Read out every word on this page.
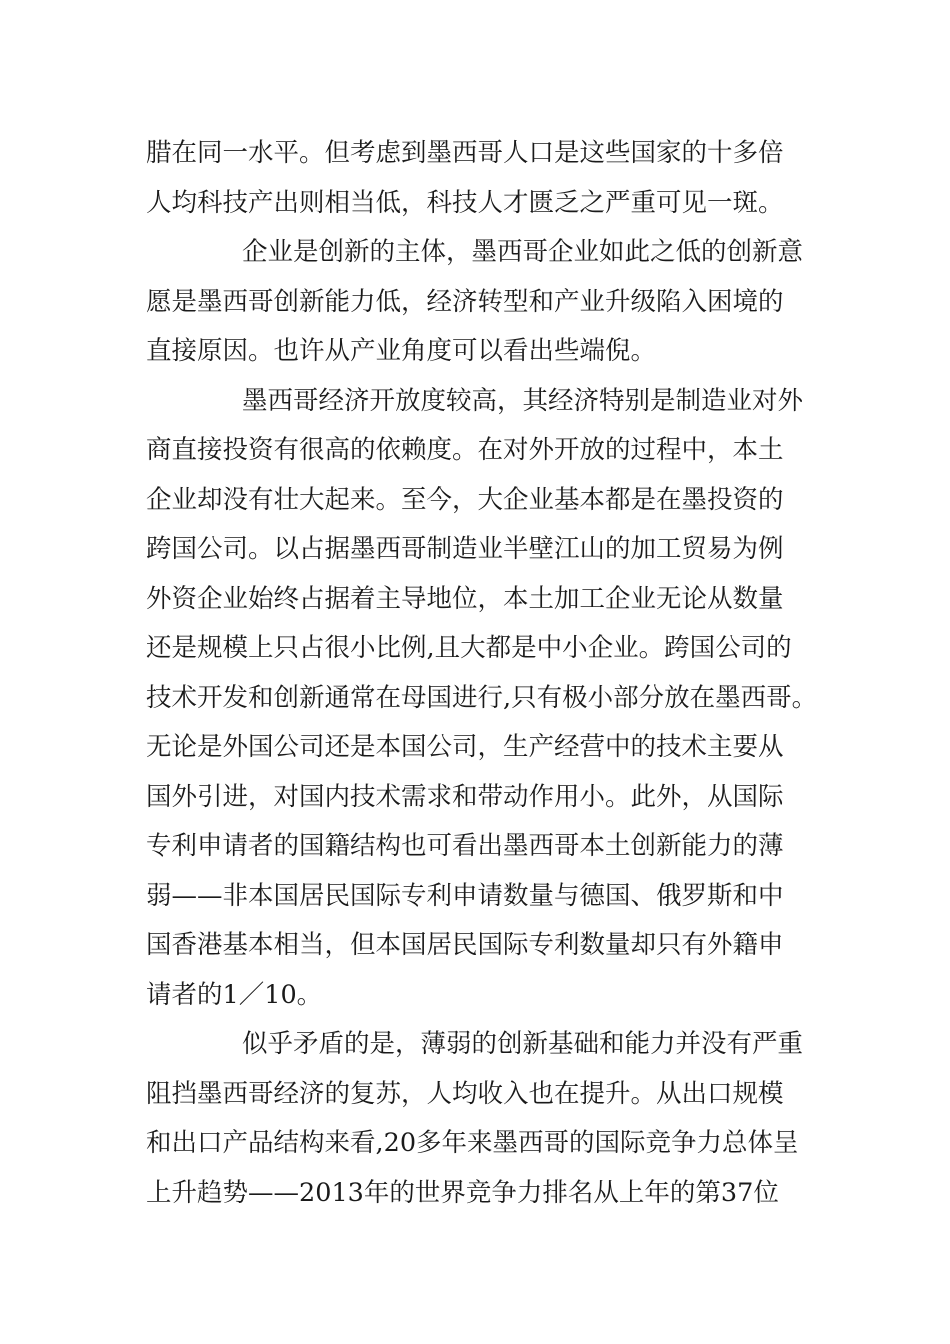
腊在同一水平。但考虑到墨西哥人口是这些国家的十多倍
人均科技产出则相当低，科技人才匮乏之严重可见一斑。
企业是创新的主体，墨西哥企业如此之低的创新意
愿是墨西哥创新能力低，经济转型和产业升级陷入困境的
直接原因。也许从产业角度可以看出些端倪。
墨西哥经济开放度较高，其经济特别是制造业对外
商直接投资有很高的依赖度。在对外开放的过程中，本土
企业却没有壮大起来。至今，大企业基本都是在墨投资的
跨国公司。以占据墨西哥制造业半壁江山的加工贸易为例
外资企业始终占据着主导地位，本土加工企业无论从数量
还是规模上只占很小比例,且大都是中小企业。跨国公司的
技术开发和创新通常在母国进行,只有极小部分放在墨西哥。
无论是外国公司还是本国公司，生产经营中的技术主要从
国外引进，对国内技术需求和带动作用小。此外，从国际
专利申请者的国籍结构也可看出墨西哥本土创新能力的薄
弱——非本国居民国际专利申请数量与德国、俄罗斯和中
国香港基本相当，但本国居民国际专利数量却只有外籍申
请者的1／10。
似乎矛盾的是，薄弱的创新基础和能力并没有严重
阻挡墨西哥经济的复苏，人均收入也在提升。从出口规模
和出口产品结构来看,20多年来墨西哥的国际竞争力总体呈
上升趋势——2013年的世界竞争力排名从上年的第37位
